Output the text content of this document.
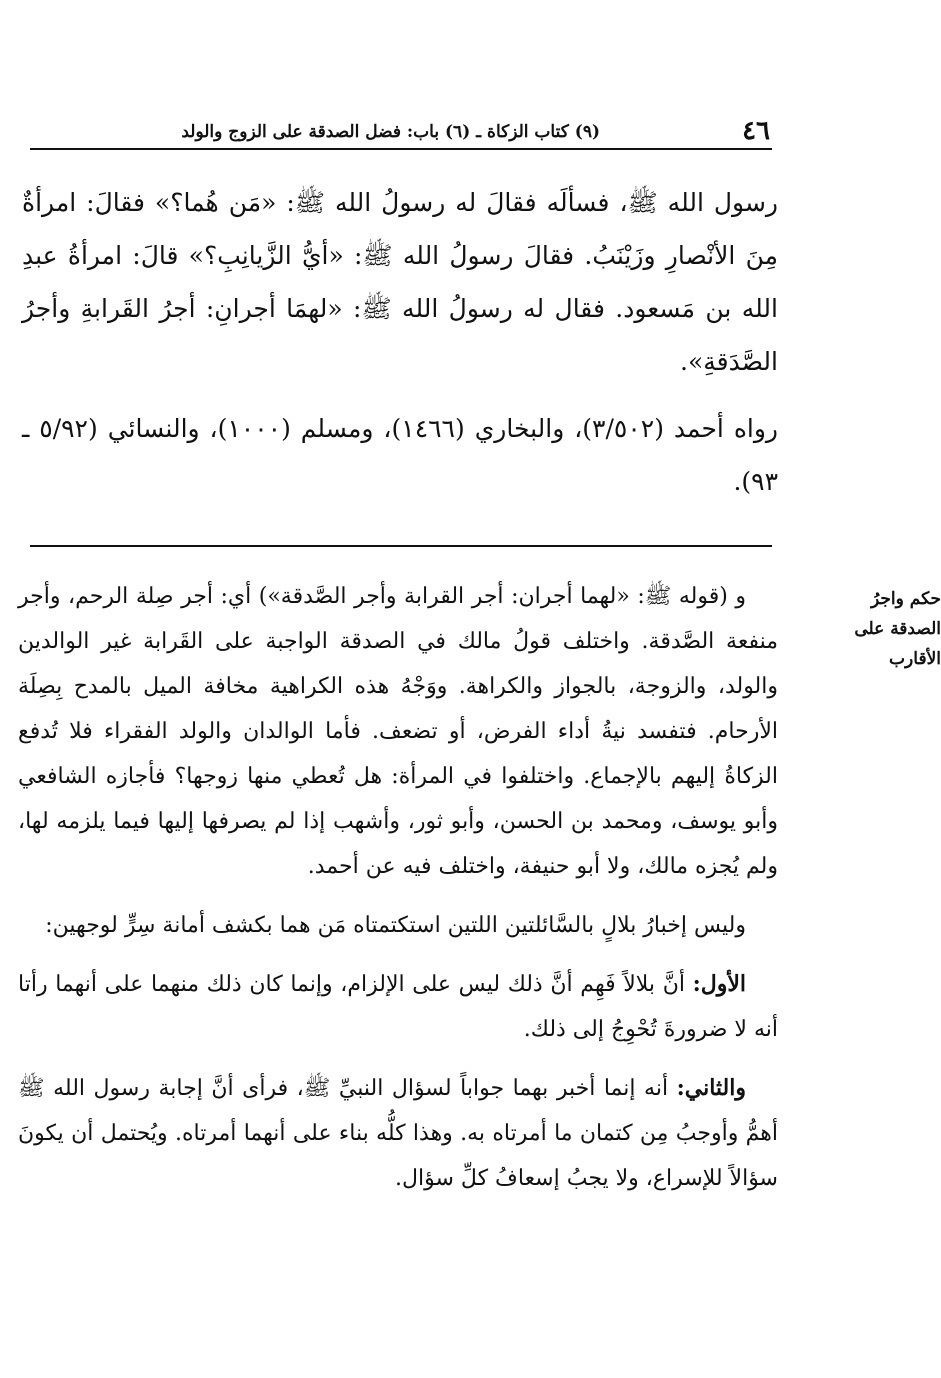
٤٦
(٩) كتاب الزكاة ـ (٦) باب: فضل الصدقة على الزوج والولد
رسول الله ﷺ، فسألَه فقالَ له رسولُ الله ﷺ: «مَن هُما؟» فقالَ: امرأةٌ مِنَ الأنْصارِ وزَيْنَبُ. فقالَ رسولُ الله ﷺ: «أيُّ الزَّيانِبِ؟» قالَ: امرأةُ عبدِ الله بن مَسعود. فقال له رسولُ الله ﷺ: «لهمَا أجرانِ: أجرُ القَرابةِ وأجرُ الصَّدَقةِ».
رواه أحمد (٣/٥٠٢)، والبخاري (١٤٦٦)، ومسلم (١٠٠٠)، والنسائي (٥/٩٢ ـ ٩٣).
حكم واجرُ الصدقة على الأقارب

و (قوله ﷺ: «لهما أجران: أجر القرابة وأجر الصَّدقة») أي: أجر صِلة الرحم، وأجر منفعة الصَّدقة. واختلف قولُ مالك في الصدقة الواجبة على القَرابة غير الوالدين والولد، والزوجة، بالجواز والكراهة. ووَجْهُ هذه الكراهية مخافة الميل بالمدح بِصِلَة الأرحام. فتفسد نيةُ أداء الفرض، أو تضعف. فأما الوالدان والولد الفقراء فلا تُدفع الزكاةُ إليهم بالإجماع. واختلفوا في المرأة: هل تُعطي منها زوجها؟ فأجازه الشافعي وأبو يوسف، ومحمد بن الحسن، وأبو ثور، وأشهب إذا لم يصرفها إليها فيما يلزمه لها، ولم يُجزه مالك، ولا أبو حنيفة، واختلف فيه عن أحمد.

وليس إخبارُ بلالٍ بالسَّائلتين اللتين استكتمتاه مَن هما بكشف أمانة سِرٍّ لوجهين:

الأول: أنَّ بلالاً فَهِم أنَّ ذلك ليس على الإلزام، وإنما كان ذلك منهما على أنهما رأتا أنه لا ضرورةَ تُحْوِجُ إلى ذلك.

والثاني: أنه إنما أخبر بهما جواباً لسؤال النبيِّ ﷺ، فرأى أنَّ إجابة رسول الله ﷺ أهمُّ وأوجبُ مِن كتمان ما أمرتاه به. وهذا كلُّه بناء على أنهما أمرتاه. ويُحتمل أن يكونَ سؤالاً للإسراع، ولا يجبُ إسعافُ كلِّ سؤال.
